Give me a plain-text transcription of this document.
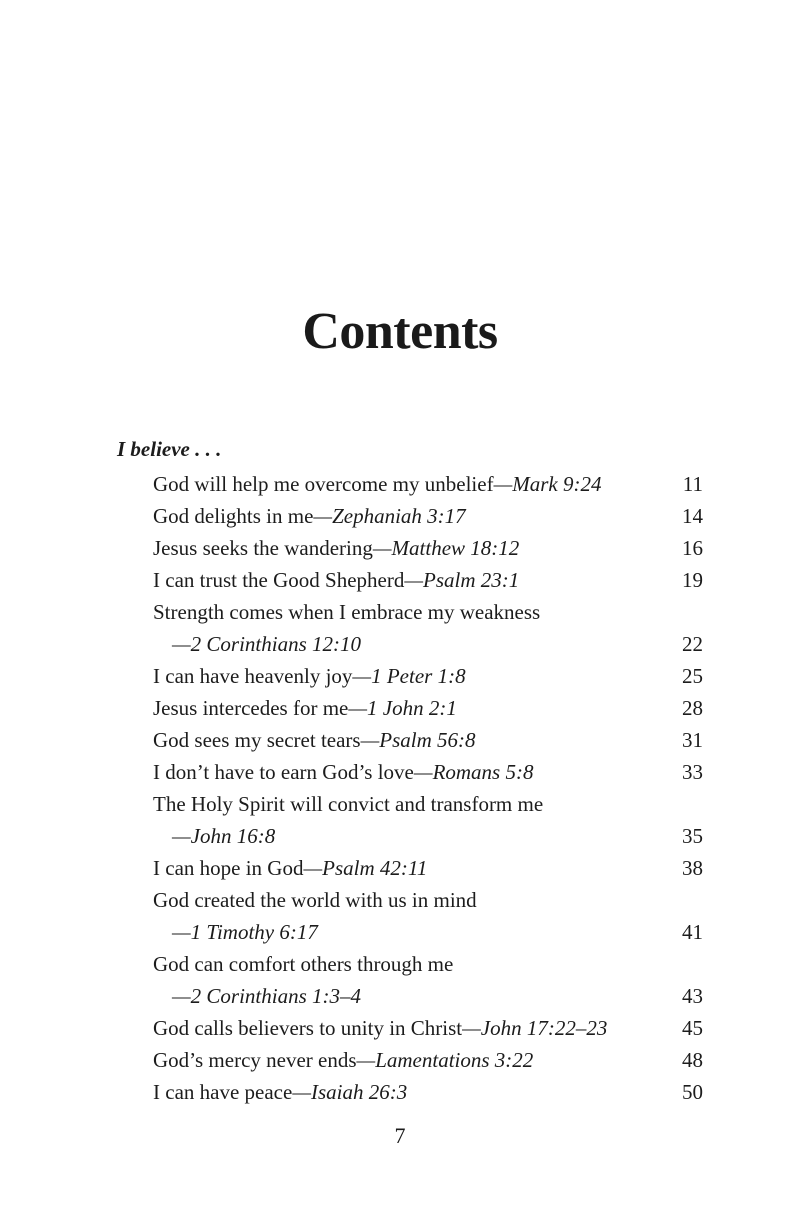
Contents
I believe . . .
God will help me overcome my unbelief—Mark 9:24	11
God delights in me—Zephaniah 3:17	14
Jesus seeks the wandering—Matthew 18:12	16
I can trust the Good Shepherd—Psalm 23:1	19
Strength comes when I embrace my weakness
—2 Corinthians 12:10	22
I can have heavenly joy—1 Peter 1:8	25
Jesus intercedes for me—1 John 2:1	28
God sees my secret tears—Psalm 56:8	31
I don’t have to earn God’s love—Romans 5:8	33
The Holy Spirit will convict and transform me
—John 16:8	35
I can hope in God—Psalm 42:11	38
God created the world with us in mind
—1 Timothy 6:17	41
God can comfort others through me
—2 Corinthians 1:3–4	43
God calls believers to unity in Christ—John 17:22–23	45
God’s mercy never ends—Lamentations 3:22	48
I can have peace—Isaiah 26:3	50
7
